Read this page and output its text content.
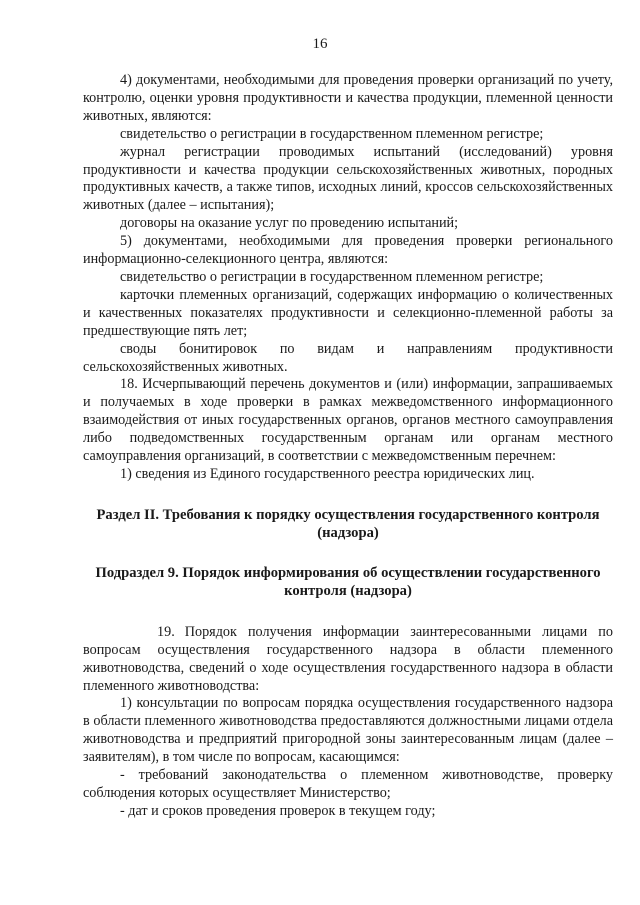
16

4) документами, необходимыми для проведения проверки организаций по учету, контролю, оценки уровня продуктивности и качества продукции, племенной ценности животных, являются:

свидетельство о регистрации в государственном племенном регистре;

журнал регистрации проводимых испытаний (исследований) уровня продуктивности и качества продукции сельскохозяйственных животных, породных продуктивных качеств, а также типов, исходных линий, кроссов сельскохозяйственных животных (далее – испытания);

договоры на оказание услуг по проведению испытаний;

5) документами, необходимыми для проведения проверки регионального информационно-селекционного центра, являются:

свидетельство о регистрации в государственном племенном регистре;

карточки племенных организаций, содержащих информацию о количественных и качественных показателях продуктивности и селекционно-племенной работы за предшествующие пять лет;

своды бонитировок по видам и направлениям продуктивности сельскохозяйственных животных.

18. Исчерпывающий перечень документов и (или) информации, запрашиваемых и получаемых в ходе проверки в рамках межведомственного информационного взаимодействия от иных государственных органов, органов местного самоуправления либо подведомственных государственным органам или органам местного самоуправления организаций, в соответствии с межведомственным перечнем:

1) сведения из Единого государственного реестра юридических лиц.

Раздел II. Требования к порядку осуществления государственного контроля (надзора)

Подраздел 9. Порядок информирования об осуществлении государственного контроля (надзора)

19. Порядок получения информации заинтересованными лицами по вопросам осуществления государственного надзора в области племенного животноводства, сведений о ходе осуществления государственного надзора в области племенного животноводства:

1) консультации по вопросам порядка осуществления государственного надзора в области племенного животноводства предоставляются должностными лицами отдела животноводства и предприятий пригородной зоны заинтересованным лицам (далее – заявителям), в том числе по вопросам, касающимся:

- требований законодательства о племенном животноводстве, проверку соблюдения которых осуществляет Министерство;

- дат и сроков проведения проверок в текущем году;
